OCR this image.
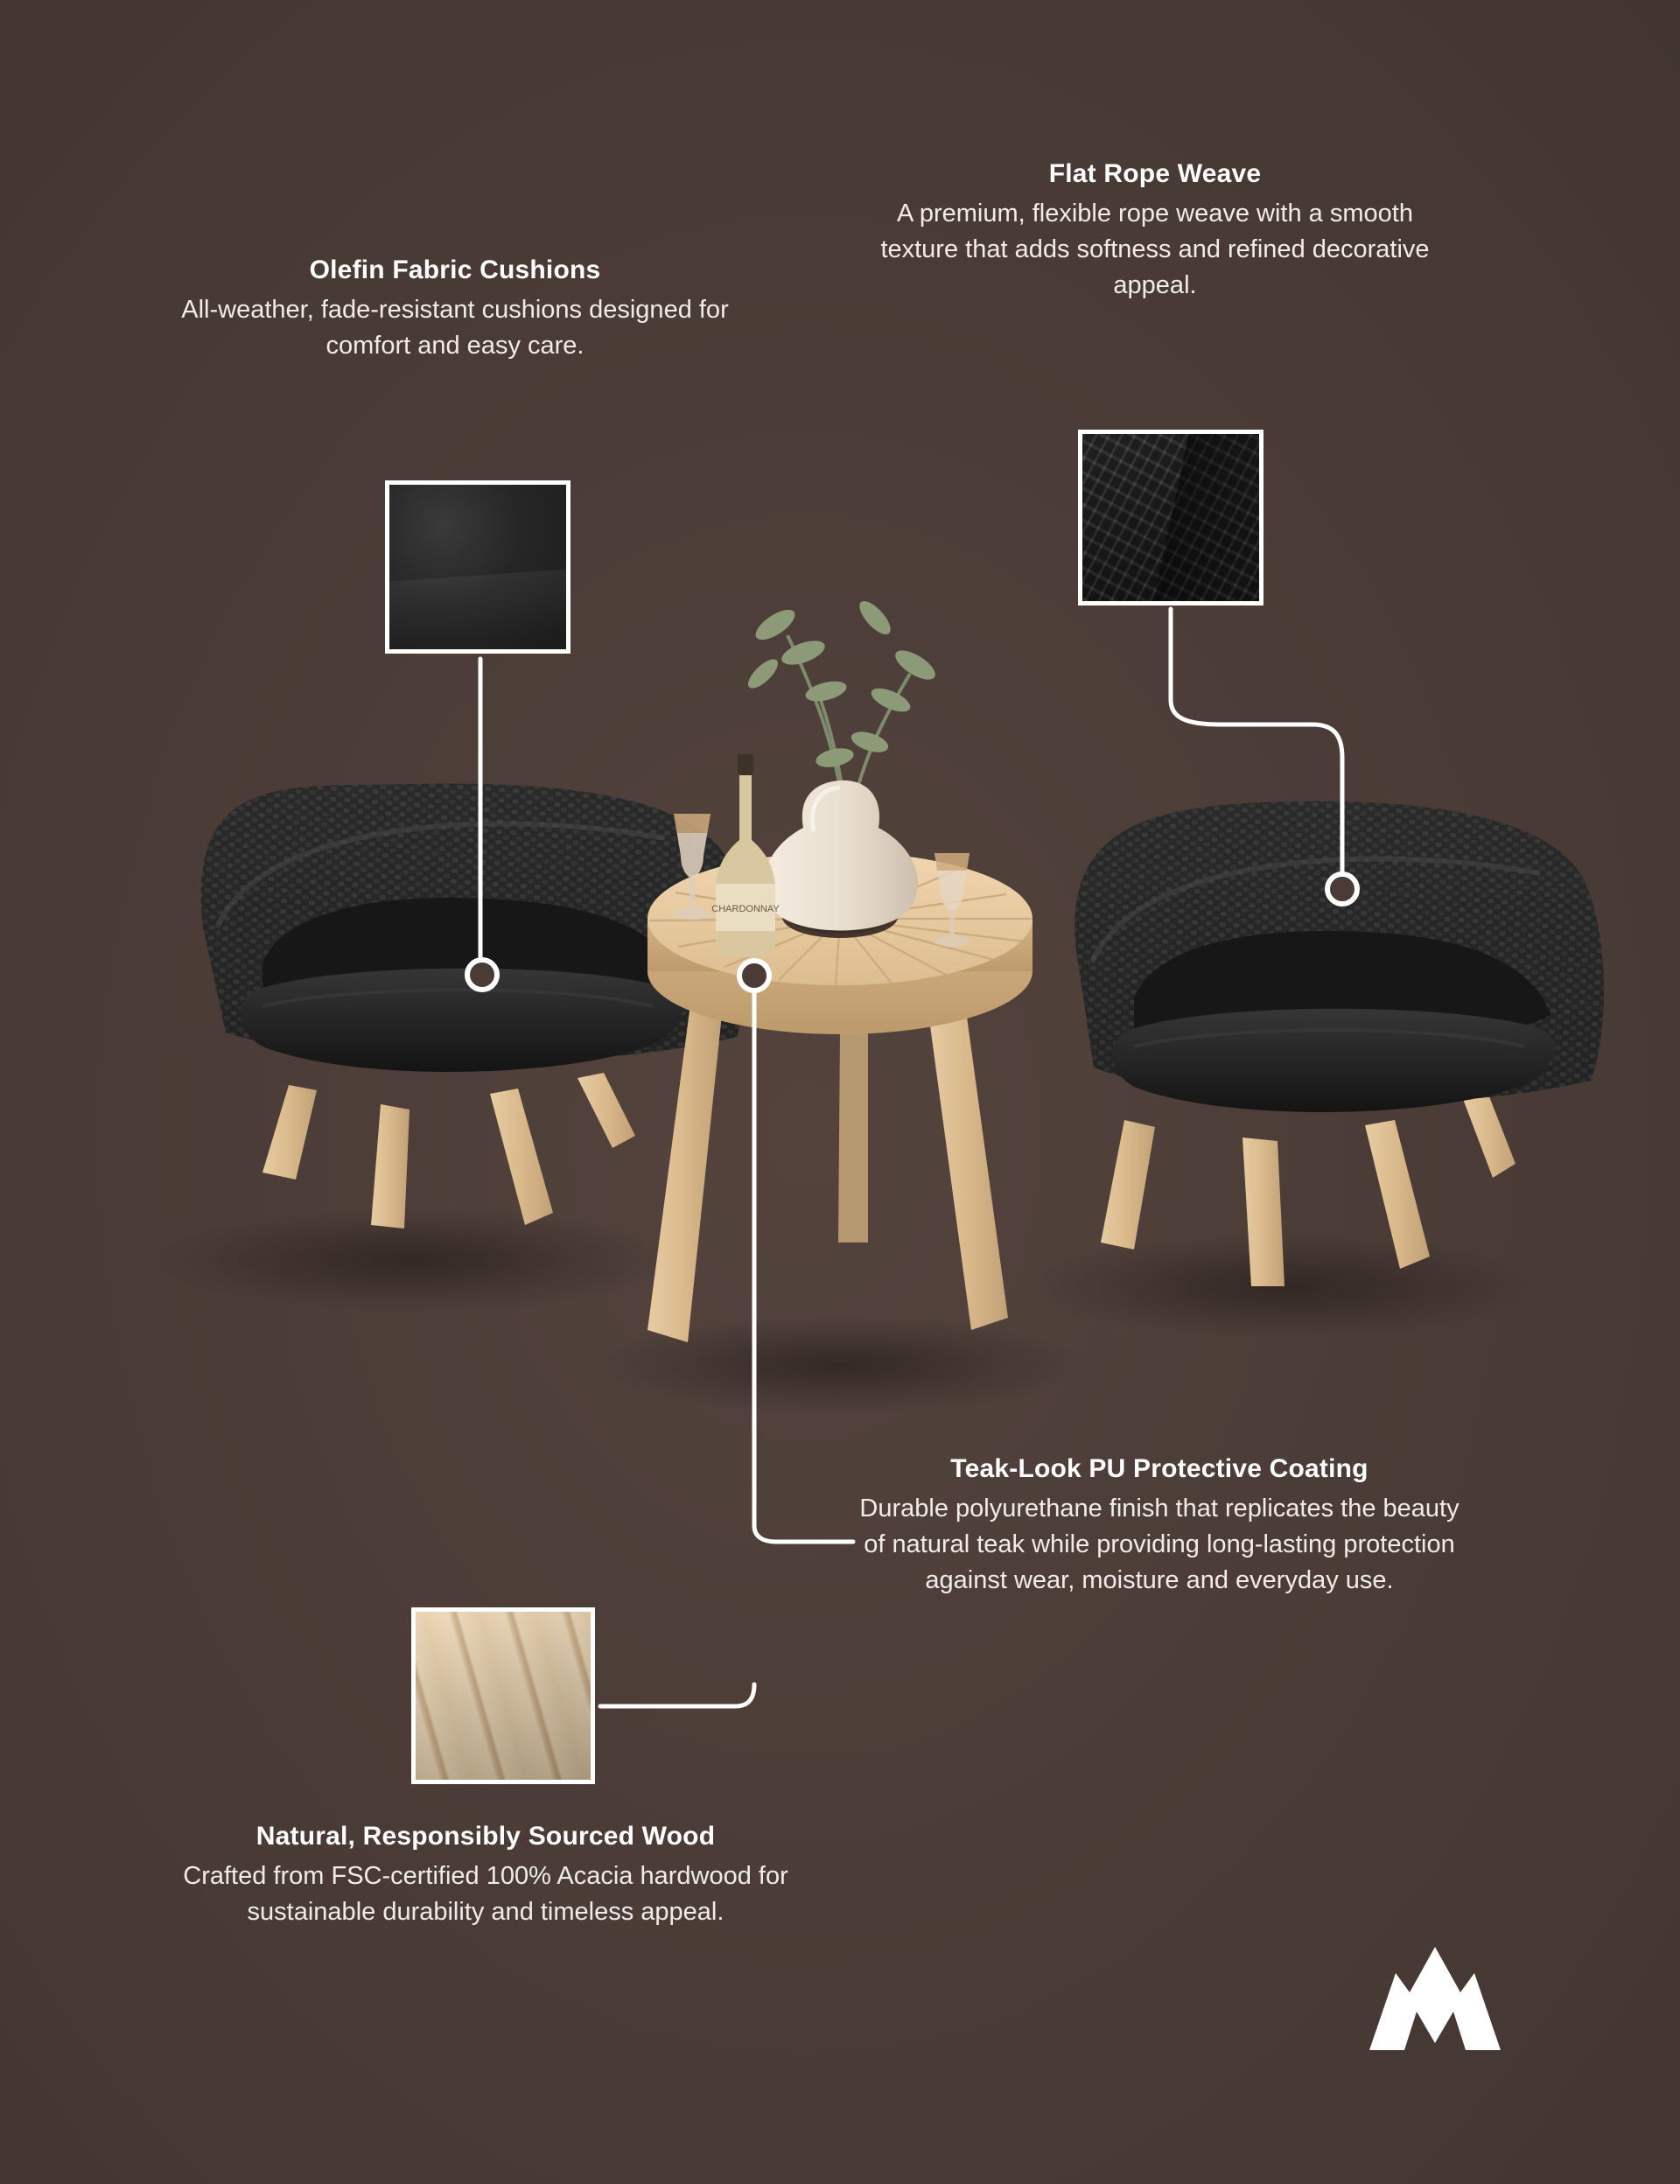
CHARDONNAY
Olefin Fabric Cushions
All-weather, fade-resistant cushions designed for comfort and easy care.
Flat Rope Weave
A premium, flexible rope weave with a smooth texture that adds softness and refined decorative appeal.
Teak-Look PU Protective Coating
Durable polyurethane finish that replicates the beauty of natural teak while providing long-lasting protection against wear, moisture and everyday use.
Natural, Responsibly Sourced Wood
Crafted from FSC-certified 100% Acacia hardwood for sustainable durability and timeless appeal.
